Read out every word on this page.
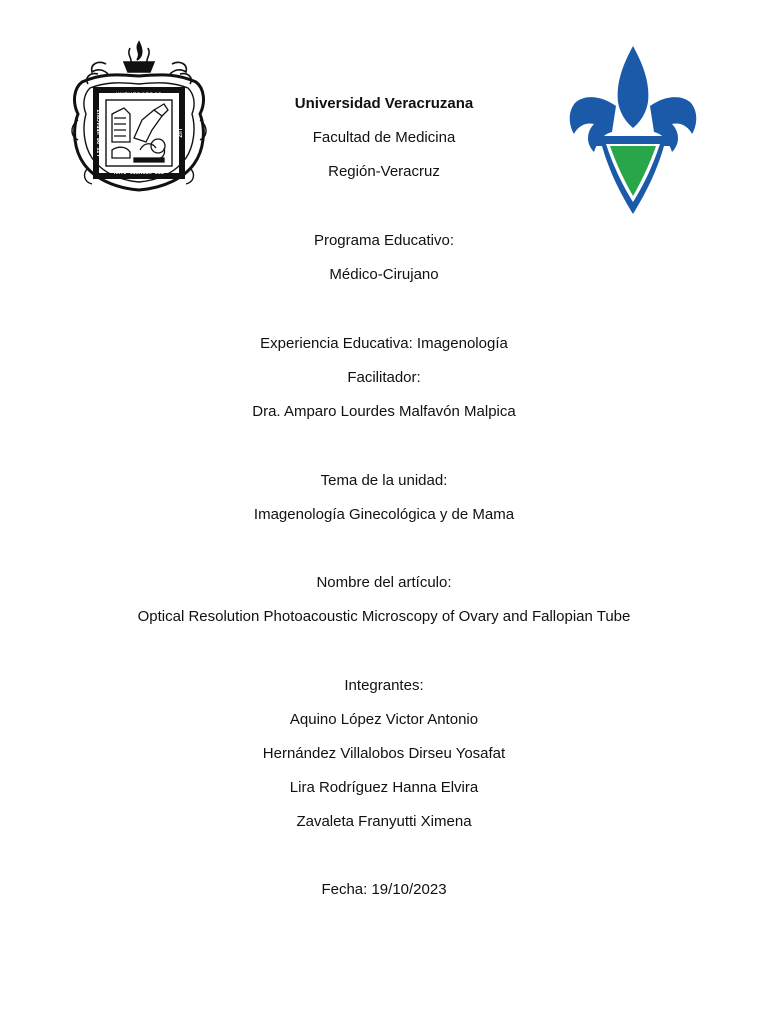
UNIVERSIDAD
LIS DE VERACRUZ
ARTE CIENCIA LUZ
LUZ
Universidad Veracruzana
Facultad de Medicina
Región-Veracruz
Programa Educativo:
Médico-Cirujano
Experiencia Educativa: Imagenología
Facilitador:
Dra. Amparo Lourdes Malfavón Malpica
Tema de la unidad:
Imagenología Ginecológica y de Mama
Nombre del artículo:
Optical Resolution Photoacoustic Microscopy of Ovary and Fallopian Tube
Integrantes:
Aquino López Victor Antonio
Hernández Villalobos Dirseu Yosafat
Lira Rodríguez Hanna Elvira
Zavaleta Franyutti Ximena
Fecha: 19/10/2023
